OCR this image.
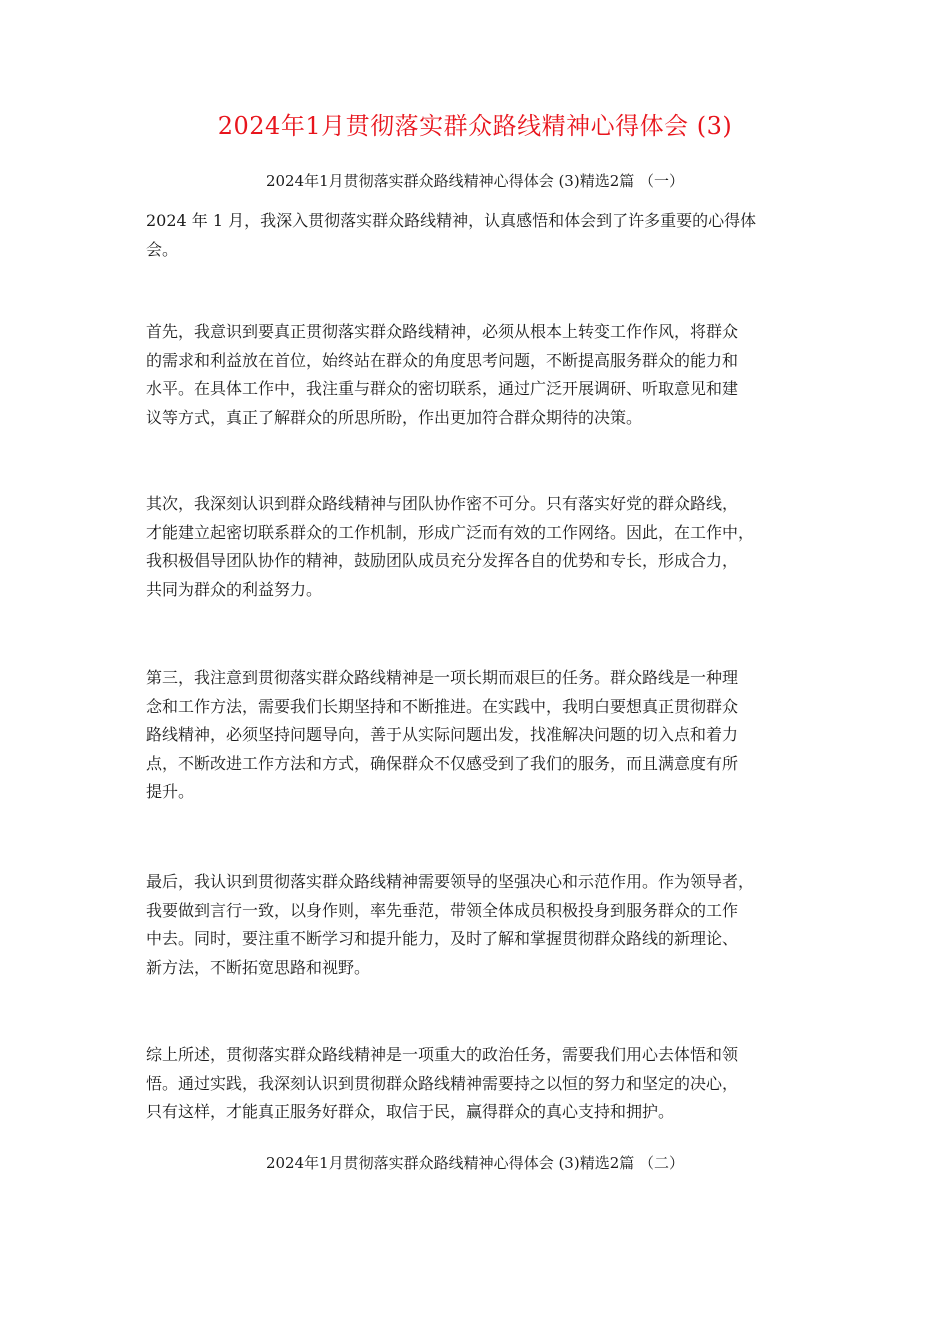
2024年1月贯彻落实群众路线精神心得体会 (3)
2024年1月贯彻落实群众路线精神心得体会 (3)精选2篇 （一）

2024 年 1 月，我深入贯彻落实群众路线精神，认真感悟和体会到了许多重要的心得体
会。

首先，我意识到要真正贯彻落实群众路线精神，必须从根本上转变工作作风，将群众
的需求和利益放在首位，始终站在群众的角度思考问题，不断提高服务群众的能力和
水平。在具体工作中，我注重与群众的密切联系，通过广泛开展调研、听取意见和建
议等方式，真正了解群众的所思所盼，作出更加符合群众期待的决策。

其次，我深刻认识到群众路线精神与团队协作密不可分。只有落实好党的群众路线，
才能建立起密切联系群众的工作机制，形成广泛而有效的工作网络。因此，在工作中，
我积极倡导团队协作的精神，鼓励团队成员充分发挥各自的优势和专长，形成合力，
共同为群众的利益努力。

第三，我注意到贯彻落实群众路线精神是一项长期而艰巨的任务。群众路线是一种理
念和工作方法，需要我们长期坚持和不断推进。在实践中，我明白要想真正贯彻群众
路线精神，必须坚持问题导向，善于从实际问题出发，找准解决问题的切入点和着力
点，不断改进工作方法和方式，确保群众不仅感受到了我们的服务，而且满意度有所
提升。

最后，我认识到贯彻落实群众路线精神需要领导的坚强决心和示范作用。作为领导者，
我要做到言行一致，以身作则，率先垂范，带领全体成员积极投身到服务群众的工作
中去。同时，要注重不断学习和提升能力，及时了解和掌握贯彻群众路线的新理论、
新方法，不断拓宽思路和视野。

综上所述，贯彻落实群众路线精神是一项重大的政治任务，需要我们用心去体悟和领
悟。通过实践，我深刻认识到贯彻群众路线精神需要持之以恒的努力和坚定的决心，
只有这样，才能真正服务好群众，取信于民，赢得群众的真心支持和拥护。

2024年1月贯彻落实群众路线精神心得体会 (3)精选2篇 （二）
